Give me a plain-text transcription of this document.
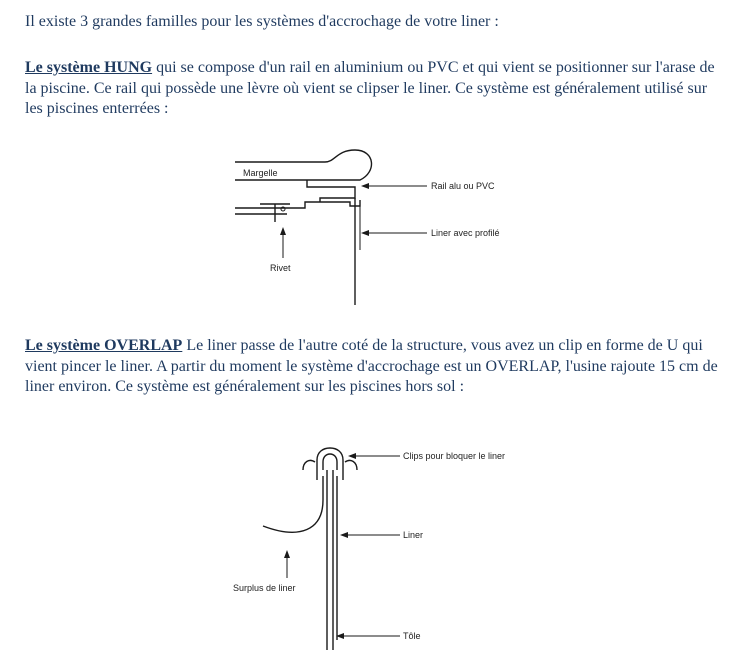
Il existe 3 grandes familles pour les systèmes d'accrochage de votre liner :

Le système HUNG qui se compose d'un rail en aluminium ou PVC et qui vient se positionner sur l'arase de la piscine. Ce rail qui possède une lèvre où vient se clipser le liner. Ce système est généralement utilisé sur les piscines enterrées :

Margelle
Rail alu ou PVC
Liner avec profilé
Rivet

Le système OVERLAP Le liner passe de l'autre coté de la structure, vous avez un clip en forme de U qui vient pincer le liner. A partir du moment le système d'accrochage est un OVERLAP, l'usine rajoute 15 cm de liner environ. Ce système est généralement sur les piscines hors sol :

Clips pour bloquer le liner
Liner
Surplus de liner
Tôle
